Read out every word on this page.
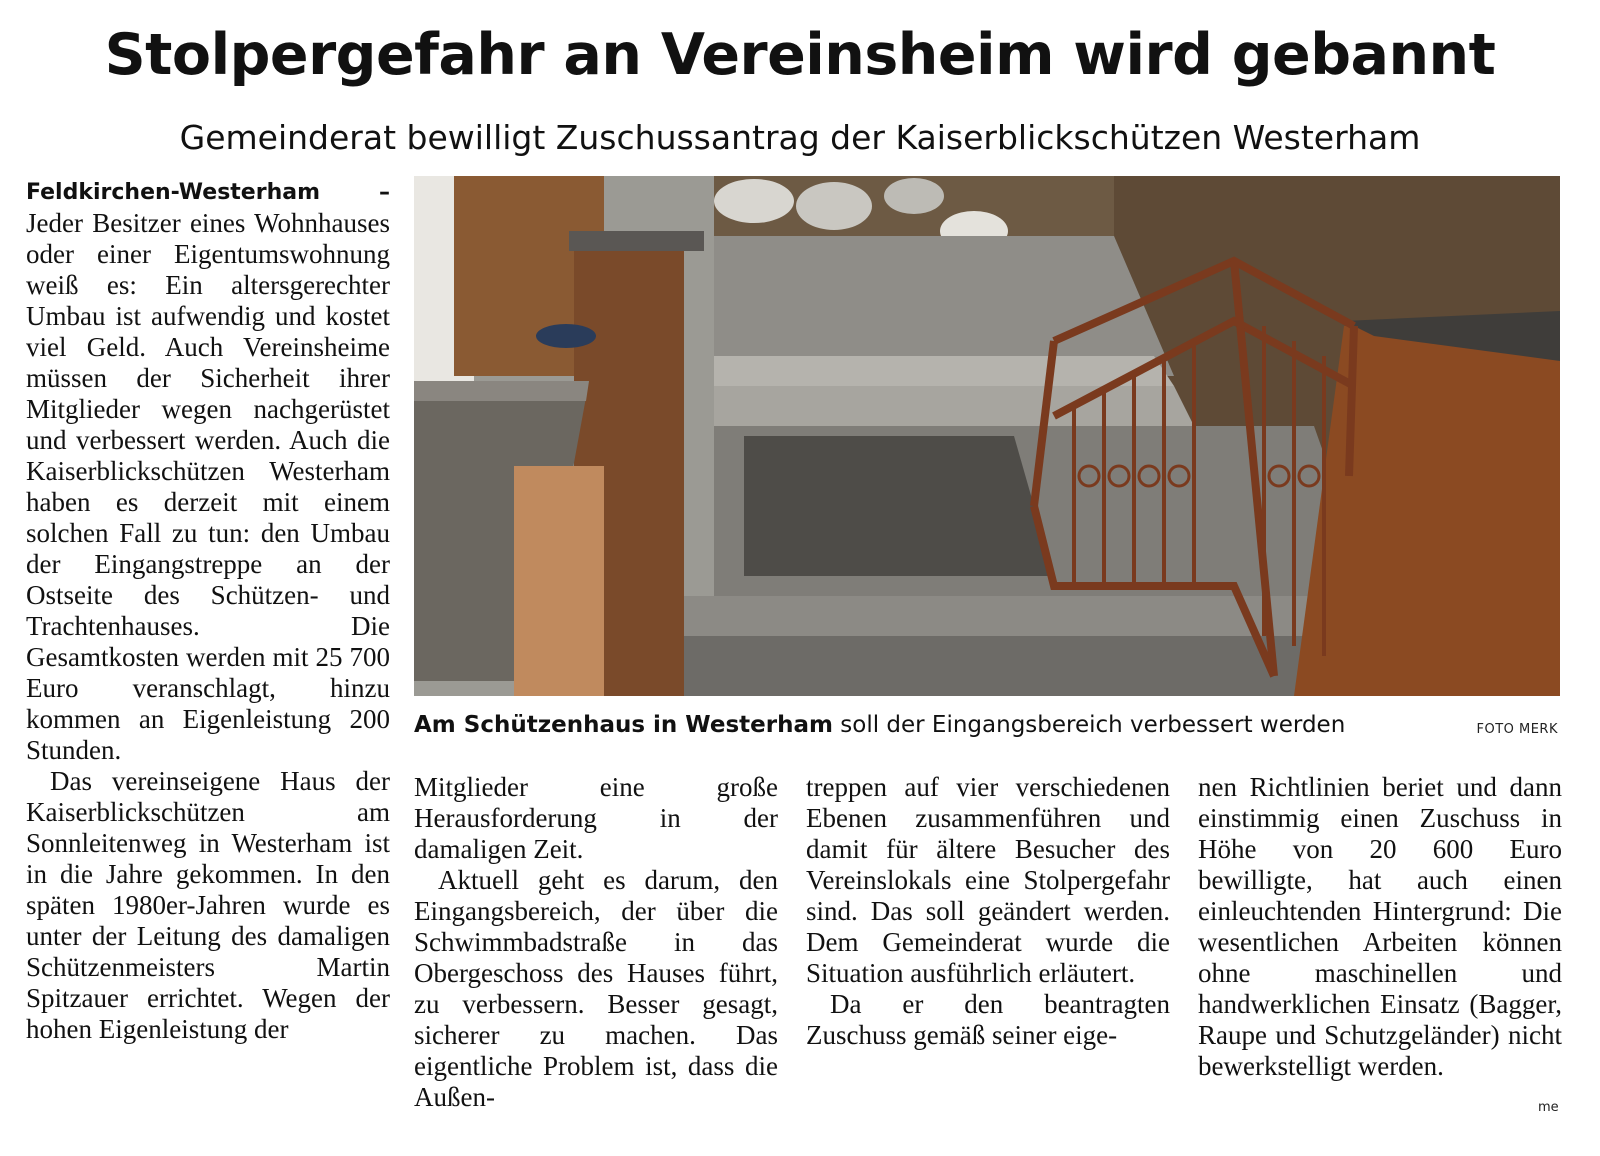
Stolpergefahr an Vereinsheim wird gebannt
Gemeinderat bewilligt Zuschussantrag der Kaiserblickschützen Westerham

Feldkirchen-Westerham – Jeder Besitzer eines Wohnhauses oder einer Eigentumswohnung weiß es: Ein altersgerechter Umbau ist aufwendig und kostet viel Geld. Auch Vereinsheime müssen der Sicherheit ihrer Mitglieder wegen nachgerüstet und verbessert werden. Auch die Kaiserblickschützen Westerham haben es derzeit mit einem solchen Fall zu tun: den Umbau der Eingangstreppe an der Ostseite des Schützen- und Trachtenhauses. Die Gesamtkosten werden mit 25 700 Euro veranschlagt, hinzu kommen an Eigenleistung 200 Stunden.

Das vereinseigene Haus der Kaiserblickschützen am Sonnleitenweg in Westerham ist in die Jahre gekommen. In den späten 1980er-Jahren wurde es unter der Leitung des damaligen Schützenmeisters Martin Spitzauer errichtet. Wegen der hohen Eigenleistung der

Am Schützenhaus in Westerham soll der Eingangsbereich verbessert werden	FOTO MERK

Mitglieder eine große Herausforderung in der damaligen Zeit.

Aktuell geht es darum, den Eingangsbereich, der über die Schwimmbadstraße in das Obergeschoss des Hauses führt, zu verbessern. Besser gesagt, sicherer zu machen. Das eigentliche Problem ist, dass die Außen-

treppen auf vier verschiedenen Ebenen zusammenführen und damit für ältere Besucher des Vereinslokals eine Stolpergefahr sind. Das soll geändert werden. Dem Gemeinderat wurde die Situation ausführlich erläutert.

Da er den beantragten Zuschuss gemäß seiner eige-

nen Richtlinien beriet und dann einstimmig einen Zuschuss in Höhe von 20 600 Euro bewilligte, hat auch einen einleuchtenden Hintergrund: Die wesentlichen Arbeiten können ohne maschinellen und handwerklichen Einsatz (Bagger, Raupe und Schutzgeländer) nicht bewerkstelligt werden.

me
